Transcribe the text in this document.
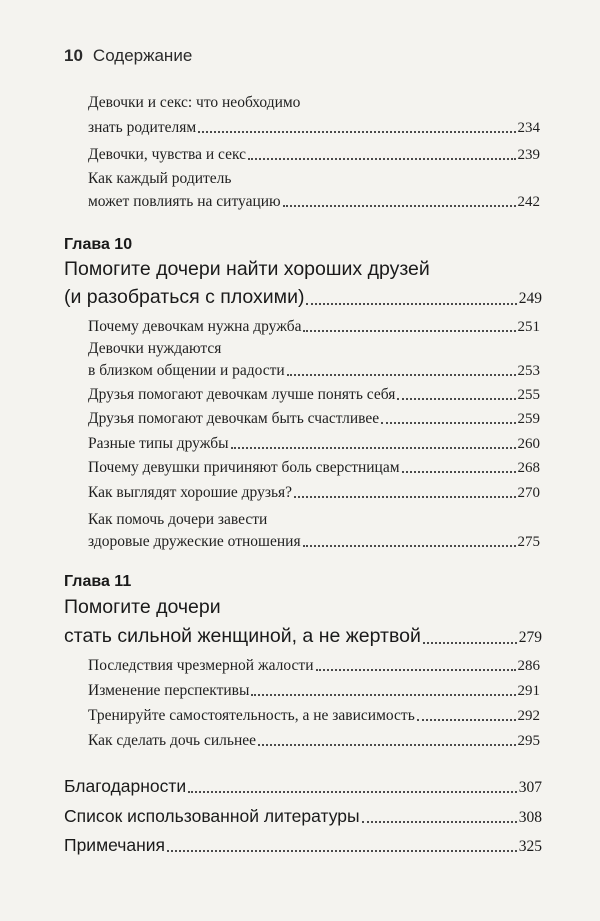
10 Содержание
Девочки и секс: что необходимо
знать родителям	234
Девочки, чувства и секс	239
Как каждый родитель
может повлиять на ситуацию	242
Глава 10
Помогите дочери найти хороших друзей
(и разобраться с плохими)	249
Почему девочкам нужна дружба	251
Девочки нуждаются
в близком общении и радости	253
Друзья помогают девочкам лучше понять себя	255
Друзья помогают девочкам быть счастливее	259
Разные типы дружбы	260
Почему девушки причиняют боль сверстницам	268
Как выглядят хорошие друзья?	270
Как помочь дочери завести
здоровые дружеские отношения	275
Глава 11
Помогите дочери
стать сильной женщиной, а не жертвой	279
Последствия чрезмерной жалости	286
Изменение перспективы	291
Тренируйте самостоятельность, а не зависимость	292
Как сделать дочь сильнее	295
Благодарности	307
Список использованной литературы	308
Примечания	325
